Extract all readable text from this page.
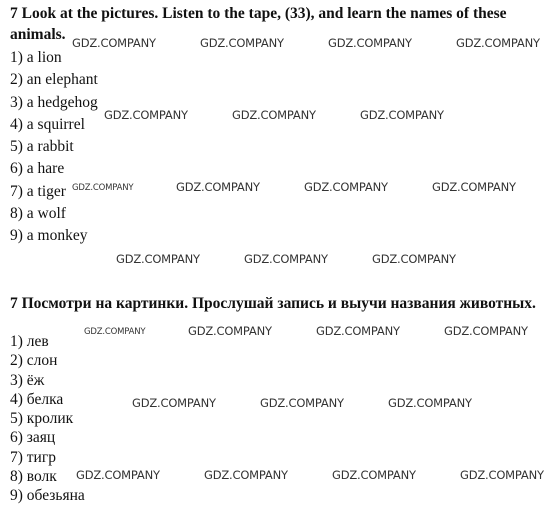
7 Look at the pictures. Listen to the tape, (33), and learn the names of these animals.
1) a lion
2) an elephant
3) a hedgehog
4) a squirrel
5) a rabbit
6) a hare
7) a tiger
8) a wolf
9) a monkey
7 Посмотри на картинки. Прослушай запись и выучи названия животных.
1) лев
2) слон
3) ёж
4) белка
5) кролик
6) заяц
7) тигр
8) волк
9) обезьяна
GDZ.COMPANY	GDZ.COMPANY	GDZ.COMPANY	GDZ.COMPANY
GDZ.COMPANY	GDZ.COMPANY	GDZ.COMPANY
GDZ.COMPANY	GDZ.COMPANY	GDZ.COMPANY	GDZ.COMPANY
GDZ.COMPANY	GDZ.COMPANY	GDZ.COMPANY
GDZ.COMPANY	GDZ.COMPANY	GDZ.COMPANY	GDZ.COMPANY
GDZ.COMPANY	GDZ.COMPANY	GDZ.COMPANY
GDZ.COMPANY	GDZ.COMPANY	GDZ.COMPANY	GDZ.COMPANY
